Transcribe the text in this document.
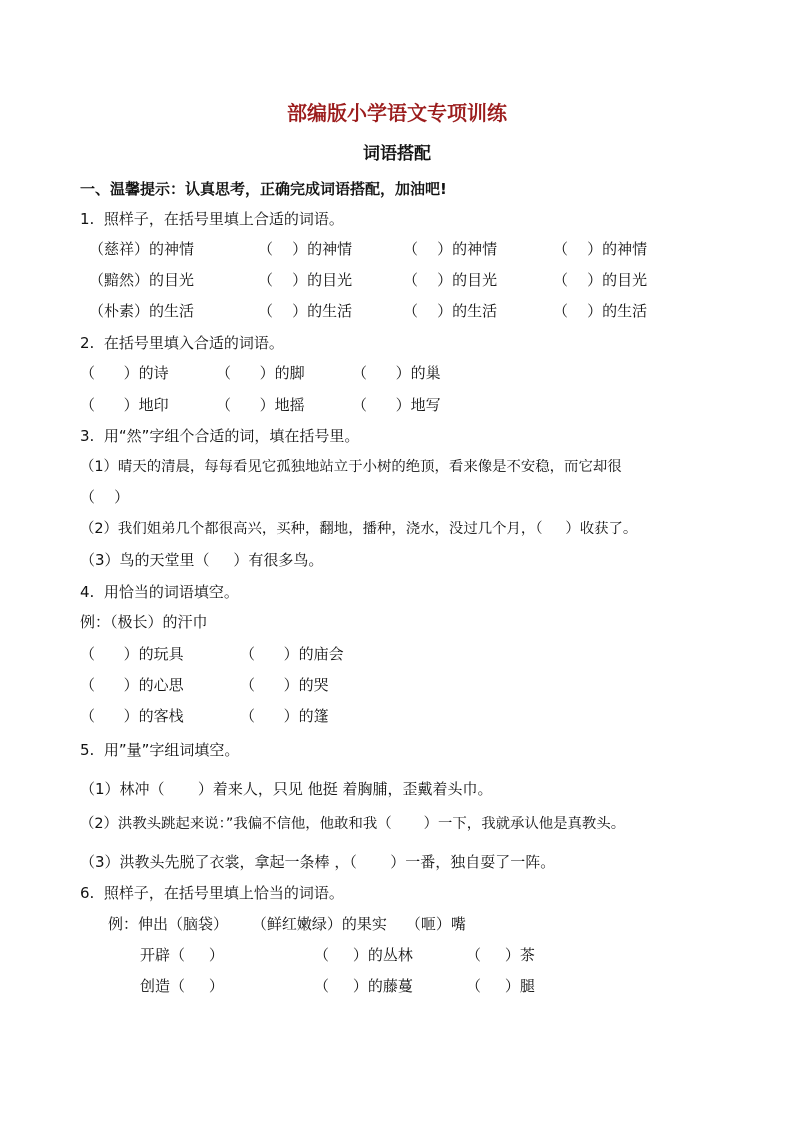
部编版小学语文专项训练
词语搭配
一、温馨提示：认真思考，正确完成词语搭配，加油吧!
1.  照样子，在括号里填上合适的词语。
（慈祥）的神情	（    ）的神情	（    ）的神情	（    ）的神情
（黯然）的目光	（    ）的目光	（    ）的目光	（    ）的目光
（朴素）的生活	（    ）的生活	（    ）的生活	（    ）的生活
2.  在括号里填入合适的词语。
（      ）的诗	（      ）的脚	（      ）的巢
（      ）地印	（      ）地摇	（      ）地写
3.  用“然”字组个合适的词，填在括号里。
（1）晴天的清晨，每每看见它孤独地站立于小树的绝顶，看来像是不安稳，而它却很
（    ）
（2）我们姐弟几个都很高兴，买种，翻地，播种，浇水，没过几个月，（     ）收获了。
（3）鸟的天堂里（     ）有很多鸟。
4.  用恰当的词语填空。
例：（极长）的汗巾
（      ）的玩具	（      ）的庙会
（      ）的心思	（      ）的哭
（      ）的客栈	（      ）的篷
5.  用”量”字组词填空。
（1）林冲（       ）着来人，只见 他挺 着胸脯，歪戴着头巾。
（2）洪教头跳起来说：”我偏不信他，他敢和我（       ）一下，我就承认他是真教头。
（3）洪教头先脱了衣裳，拿起一条棒 ，（       ）一番，独自耍了一阵。
6.  照样子，在括号里填上恰当的词语。
例：伸出（脑袋）     （鲜红嫩绿）的果实    （咂）嘴
开辟（     ）	（     ）的丛林	（     ）茶
创造（     ）	（     ）的藤蔓	（     ）腿
